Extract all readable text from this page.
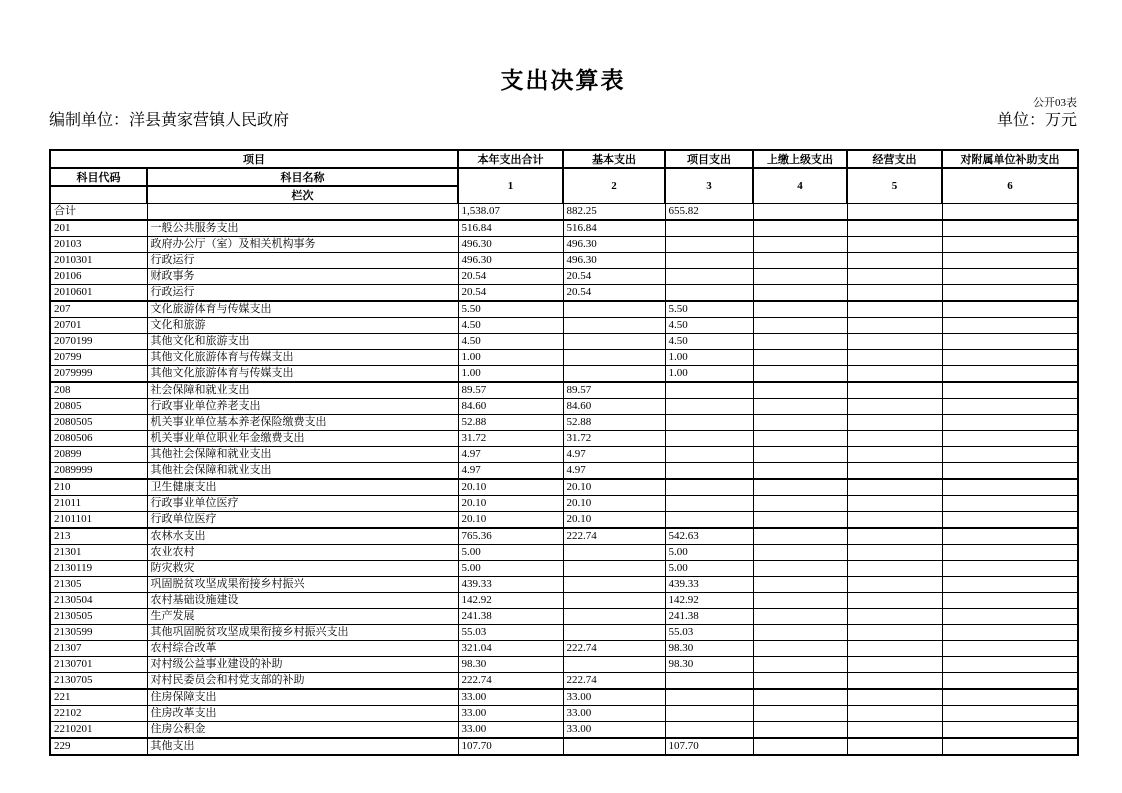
支出决算表
公开03表
编制单位：洋县黄家营镇人民政府	单位：万元
项目		本年支出合计	基本支出	项目支出	上缴上级支出	经营支出	对附属单位补助支出
科目代码	科目名称	1	2	3	4	5	6
	栏次						
合计		1,538.07	882.25	655.82			
201	一般公共服务支出	516.84	516.84				
20103	政府办公厅（室）及相关机构事务	496.30	496.30				
2010301	行政运行	496.30	496.30				
20106	财政事务	20.54	20.54				
2010601	行政运行	20.54	20.54				
207	文化旅游体育与传媒支出	5.50		5.50			
20701	文化和旅游	4.50		4.50			
2070199	其他文化和旅游支出	4.50		4.50			
20799	其他文化旅游体育与传媒支出	1.00		1.00			
2079999	其他文化旅游体育与传媒支出	1.00		1.00			
208	社会保障和就业支出	89.57	89.57				
20805	行政事业单位养老支出	84.60	84.60				
2080505	机关事业单位基本养老保险缴费支出	52.88	52.88				
2080506	机关事业单位职业年金缴费支出	31.72	31.72				
20899	其他社会保障和就业支出	4.97	4.97				
2089999	其他社会保障和就业支出	4.97	4.97				
210	卫生健康支出	20.10	20.10				
21011	行政事业单位医疗	20.10	20.10				
2101101	行政单位医疗	20.10	20.10				
213	农林水支出	765.36	222.74	542.63			
21301	农业农村	5.00		5.00			
2130119	防灾救灾	5.00		5.00			
21305	巩固脱贫攻坚成果衔接乡村振兴	439.33		439.33			
2130504	农村基础设施建设	142.92		142.92			
2130505	生产发展	241.38		241.38			
2130599	其他巩固脱贫攻坚成果衔接乡村振兴支出	55.03		55.03			
21307	农村综合改革	321.04	222.74	98.30			
2130701	对村级公益事业建设的补助	98.30		98.30			
2130705	对村民委员会和村党支部的补助	222.74	222.74				
221	住房保障支出	33.00	33.00				
22102	住房改革支出	33.00	33.00				
2210201	住房公积金	33.00	33.00				
229	其他支出	107.70		107.70			
